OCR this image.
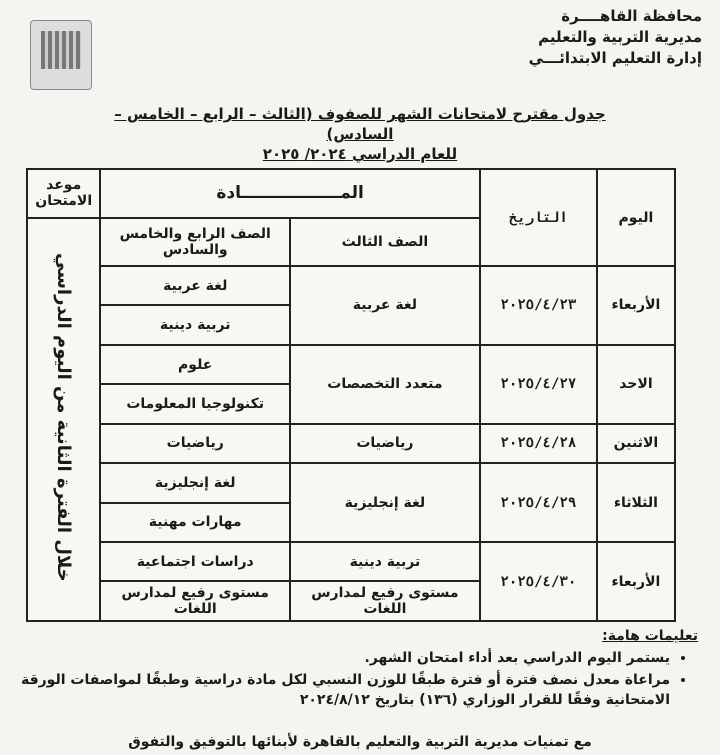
محافظة القاهــــرة
مديرية التربية والتعليم
إدارة التعليم الابتدائـــي
جدول مقترح لامتحانات الشهر للصفوف (الثالث – الرابع – الخامس – السادس)
للعام الدراسي ٢٠٢٤/ ٢٠٢٥
اليوم	التاريخ	المـــــــــــــــــادة		موعد الامتحان
		الصف الثالث	الصف الرابع والخامس والسادس	خلال الفترة الثانية من اليوم الدراسي
الأربعاء	٢٠٢٥/٤/٢٣	لغة عربية	لغة عربية	
			تربية دينية	
الاحد	٢٠٢٥/٤/٢٧	متعدد التخصصات	علوم	
			تكنولوجيا المعلومات	
الاثنين	٢٠٢٥/٤/٢٨	رياضيات	رياضيات	
الثلاثاء	٢٠٢٥/٤/٢٩	لغة إنجليزية	لغة إنجليزية	
			مهارات مهنية	
الأربعاء	٢٠٢٥/٤/٣٠	تربية دينية	دراسات اجتماعية	
		مستوى رفيع لمدارس اللغات	مستوى رفيع لمدارس اللغات	
تعليمات هامة:
• يستمر اليوم الدراسي بعد أداء امتحان الشهر.
• مراعاة معدل نصف فترة أو فترة طبقًا للوزن النسبي لكل مادة دراسية وطبقًا لمواصفات الورقة الامتحانية وفقًا للقرار الوزاري (١٣٦) بتاريخ ٢٠٢٤/٨/١٢
مع تمنيات مديرية التربية والتعليم بالقاهرة لأبنائها بالتوفيق والتفوق
